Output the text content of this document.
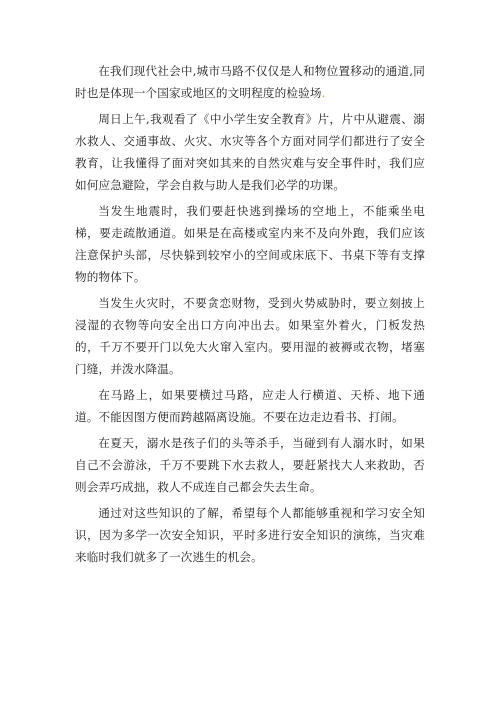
在我们现代社会中,城市马路不仅仅是人和物位置移动的通道,同时也是体现一个国家或地区的文明程度的检验场.

周日上午,我观看了《中小学生安全教育》片，片中从避震、溺水救人、交通事故、火灾、水灾等各个方面对同学们都进行了安全教育，让我懂得了面对突如其来的自然灾难与安全事件时，我们应如何应急避险，学会自救与助人是我们必学的功课。

当发生地震时，我们要赶快逃到操场的空地上，不能乘坐电梯，要走疏散通道。如果是在高楼或室内来不及向外跑，我们应该注意保护头部，尽快躲到较窄小的空间或床底下、书桌下等有支撑物的物体下。

当发生火灾时，不要贪恋财物，受到火势威胁时，要立刻披上浸湿的衣物等向安全出口方向冲出去。如果室外着火，门板发热的，千万不要开门以免大火窜入室内。要用湿的被褥或衣物，堵塞门缝，并泼水降温。

在马路上，如果要横过马路，应走人行横道、天桥、地下通道。不能因图方便而跨越隔离设施。不要在边走边看书、打闹。

在夏天，溺水是孩子们的头等杀手，当碰到有人溺水时，如果自己不会游泳，千万不要跳下水去救人，要赶紧找大人来救助，否则会弄巧成拙，救人不成连自己都会失去生命。

通过对这些知识的了解，希望每个人都能够重视和学习安全知识，因为多学一次安全知识，平时多进行安全知识的演练，当灾难来临时我们就多了一次逃生的机会。
